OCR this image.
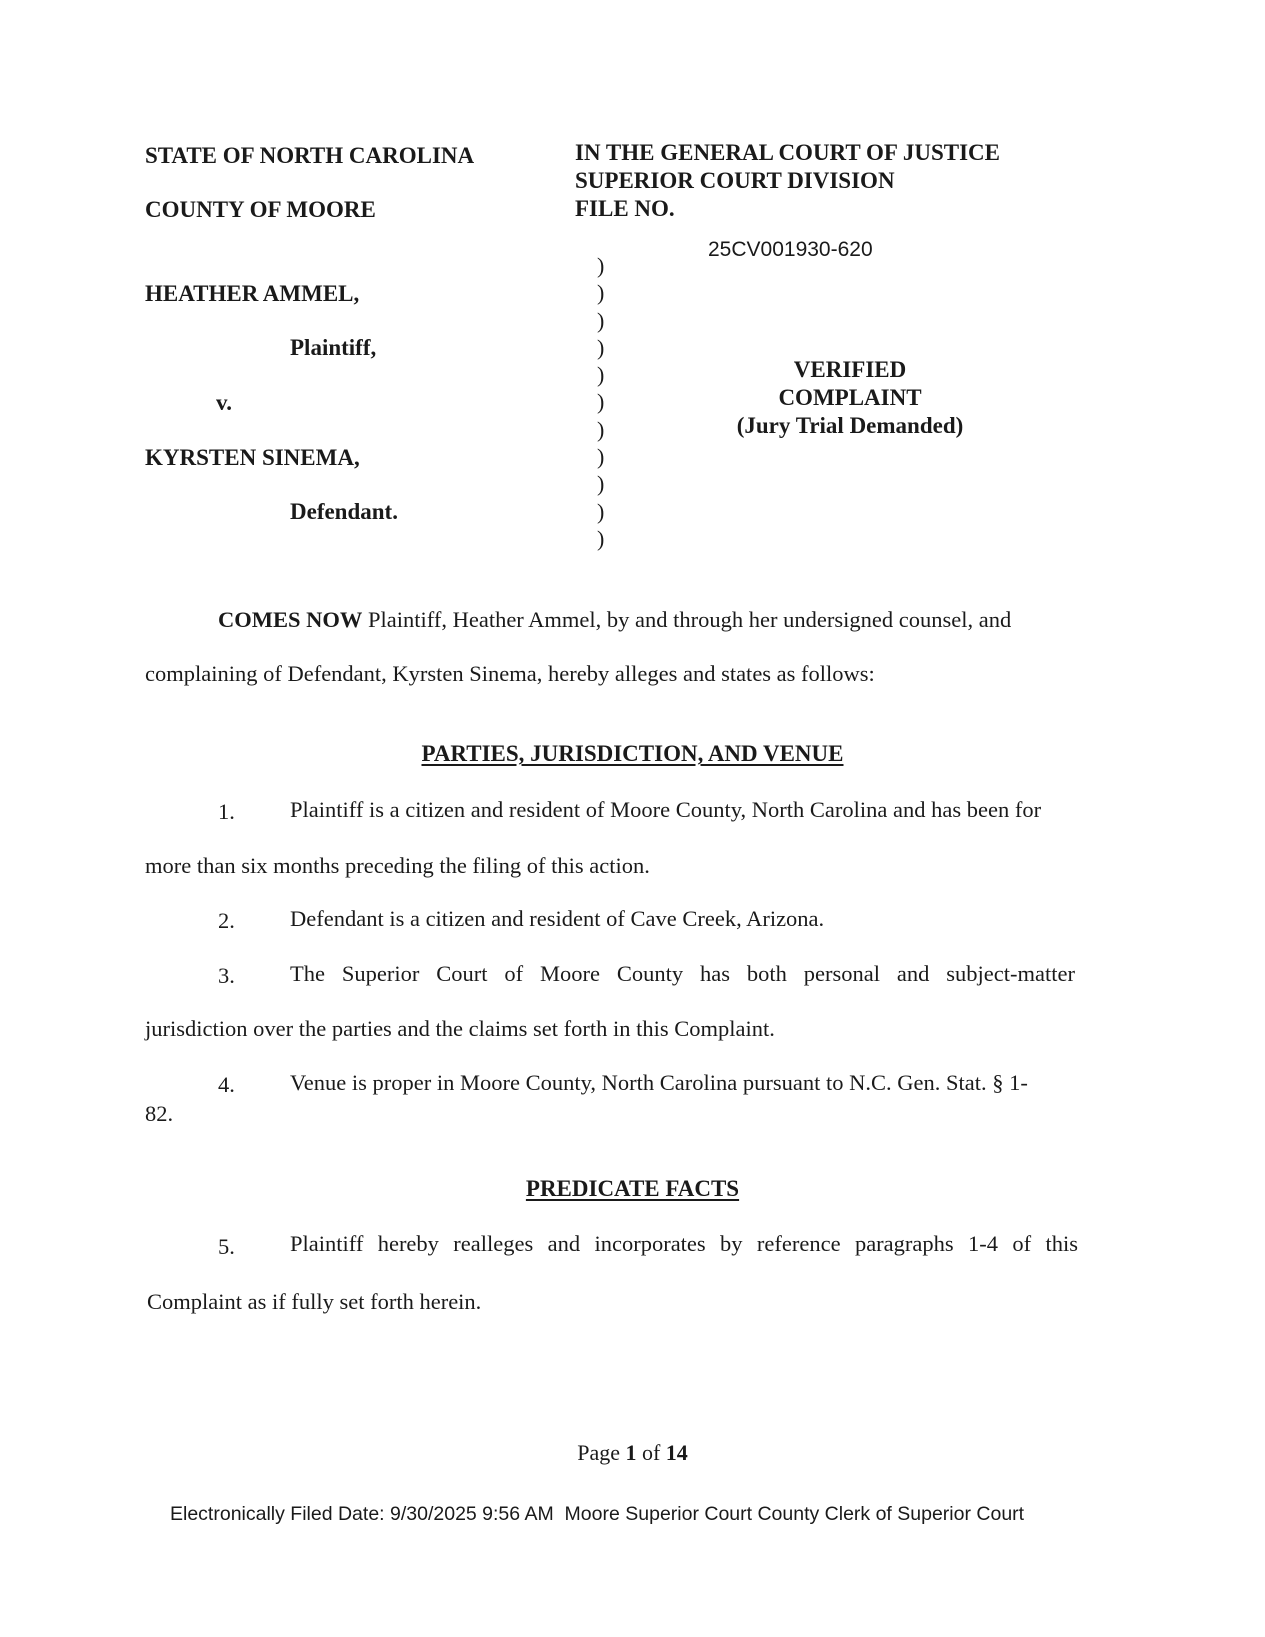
STATE OF NORTH CAROLINA
COUNTY OF MOORE
IN THE GENERAL COURT OF JUSTICE
SUPERIOR COURT DIVISION
FILE NO.
25CV001930-620
HEATHER AMMEL,
Plaintiff,
v.
KYRSTEN SINEMA,
Defendant.
)
)
)
)
)
)
)
)
)
)
)
VERIFIED
COMPLAINT
(Jury Trial Demanded)
COMES NOW Plaintiff, Heather Ammel, by and through her undersigned counsel, and
complaining of Defendant, Kyrsten Sinema, hereby alleges and states as follows:
PARTIES, JURISDICTION, AND VENUE
1. Plaintiff is a citizen and resident of Moore County, North Carolina and has been for
more than six months preceding the filing of this action.
2. Defendant is a citizen and resident of Cave Creek, Arizona.
3. The Superior Court of Moore County has both personal and subject-matter
jurisdiction over the parties and the claims set forth in this Complaint.
4. Venue is proper in Moore County, North Carolina pursuant to N.C. Gen. Stat. § 1-
82.
PREDICATE FACTS
5. Plaintiff hereby realleges and incorporates by reference paragraphs 1-4 of this
Complaint as if fully set forth herein.
Page 1 of 14
Electronically Filed Date: 9/30/2025 9:56 AM  Moore Superior Court County Clerk of Superior Court
